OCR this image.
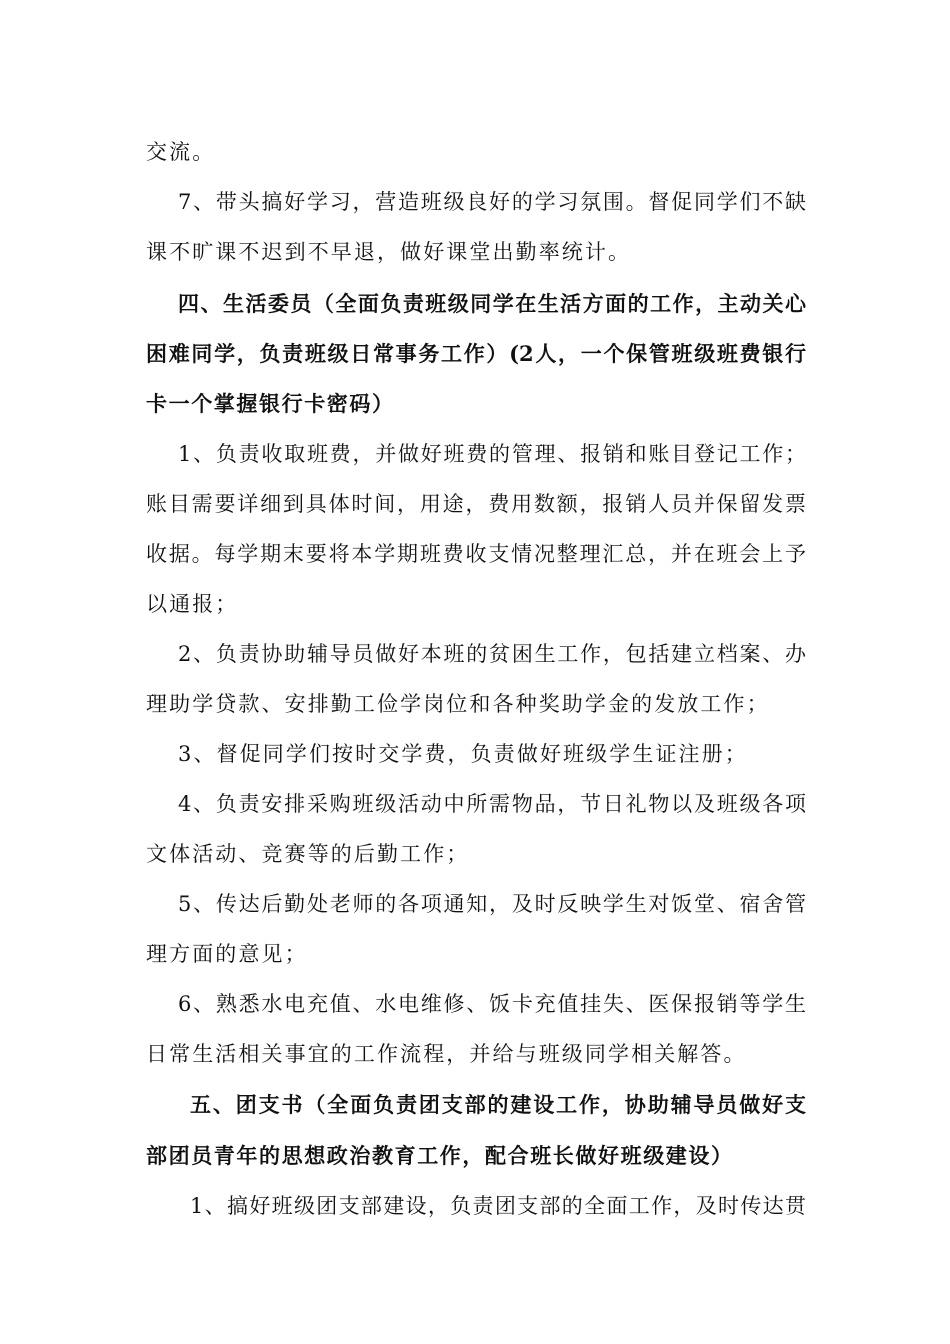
交流。
7、带头搞好学习，营造班级良好的学习氛围。督促同学们不缺
课不旷课不迟到不早退，做好课堂出勤率统计。
四、生活委员（全面负责班级同学在生活方面的工作，主动关心
困难同学，负责班级日常事务工作）(2人，一个保管班级班费银行
卡一个掌握银行卡密码）
1、负责收取班费，并做好班费的管理、报销和账目登记工作；
账目需要详细到具体时间，用途，费用数额，报销人员并保留发票
收据。每学期末要将本学期班费收支情况整理汇总，并在班会上予
以通报；
2、负责协助辅导员做好本班的贫困生工作，包括建立档案、办
理助学贷款、安排勤工俭学岗位和各种奖助学金的发放工作；
3、督促同学们按时交学费，负责做好班级学生证注册；
4、负责安排采购班级活动中所需物品，节日礼物以及班级各项
文体活动、竞赛等的后勤工作；
5、传达后勤处老师的各项通知，及时反映学生对饭堂、宿舍管
理方面的意见；
6、熟悉水电充值、水电维修、饭卡充值挂失、医保报销等学生
日常生活相关事宜的工作流程，并给与班级同学相关解答。
五、团支书（全面负责团支部的建设工作，协助辅导员做好支
部团员青年的思想政治教育工作，配合班长做好班级建设）
1、搞好班级团支部建设，负责团支部的全面工作，及时传达贯
